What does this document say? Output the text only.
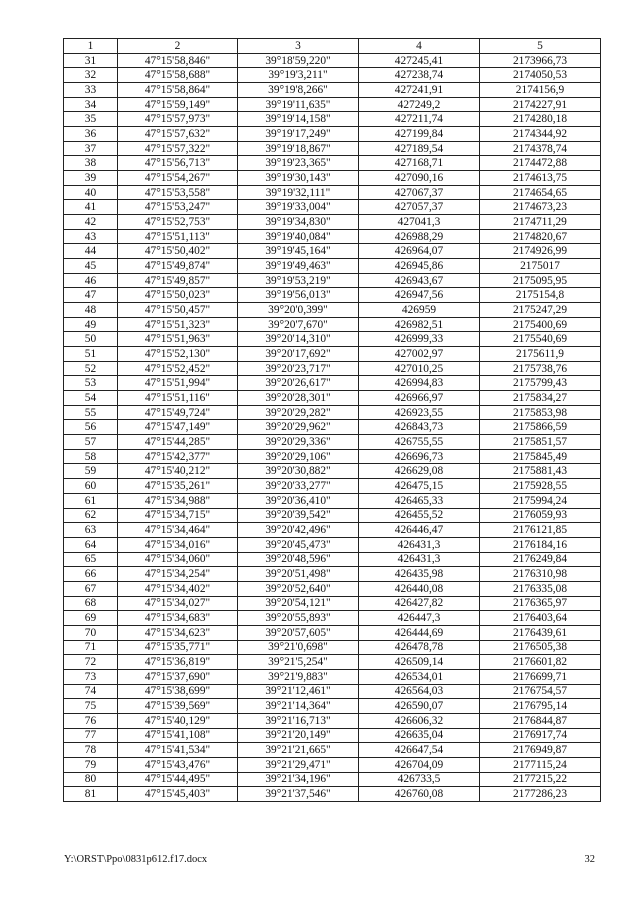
1	2	3	4	5
31	47°15'58,846"	39°18'59,220"	427245,41	2173966,73
32	47°15'58,688"	39°19'3,211"	427238,74	2174050,53
33	47°15'58,864"	39°19'8,266"	427241,91	2174156,9
34	47°15'59,149"	39°19'11,635"	427249,2	2174227,91
35	47°15'57,973"	39°19'14,158"	427211,74	2174280,18
36	47°15'57,632"	39°19'17,249"	427199,84	2174344,92
37	47°15'57,322"	39°19'18,867"	427189,54	2174378,74
38	47°15'56,713"	39°19'23,365"	427168,71	2174472,88
39	47°15'54,267"	39°19'30,143"	427090,16	2174613,75
40	47°15'53,558"	39°19'32,111"	427067,37	2174654,65
41	47°15'53,247"	39°19'33,004"	427057,37	2174673,23
42	47°15'52,753"	39°19'34,830"	427041,3	2174711,29
43	47°15'51,113"	39°19'40,084"	426988,29	2174820,67
44	47°15'50,402"	39°19'45,164"	426964,07	2174926,99
45	47°15'49,874"	39°19'49,463"	426945,86	2175017
46	47°15'49,857"	39°19'53,219"	426943,67	2175095,95
47	47°15'50,023"	39°19'56,013"	426947,56	2175154,8
48	47°15'50,457"	39°20'0,399"	426959	2175247,29
49	47°15'51,323"	39°20'7,670"	426982,51	2175400,69
50	47°15'51,963"	39°20'14,310"	426999,33	2175540,69
51	47°15'52,130"	39°20'17,692"	427002,97	2175611,9
52	47°15'52,452"	39°20'23,717"	427010,25	2175738,76
53	47°15'51,994"	39°20'26,617"	426994,83	2175799,43
54	47°15'51,116"	39°20'28,301"	426966,97	2175834,27
55	47°15'49,724"	39°20'29,282"	426923,55	2175853,98
56	47°15'47,149"	39°20'29,962"	426843,73	2175866,59
57	47°15'44,285"	39°20'29,336"	426755,55	2175851,57
58	47°15'42,377"	39°20'29,106"	426696,73	2175845,49
59	47°15'40,212"	39°20'30,882"	426629,08	2175881,43
60	47°15'35,261"	39°20'33,277"	426475,15	2175928,55
61	47°15'34,988"	39°20'36,410"	426465,33	2175994,24
62	47°15'34,715"	39°20'39,542"	426455,52	2176059,93
63	47°15'34,464"	39°20'42,496"	426446,47	2176121,85
64	47°15'34,016"	39°20'45,473"	426431,3	2176184,16
65	47°15'34,060"	39°20'48,596"	426431,3	2176249,84
66	47°15'34,254"	39°20'51,498"	426435,98	2176310,98
67	47°15'34,402"	39°20'52,640"	426440,08	2176335,08
68	47°15'34,027"	39°20'54,121"	426427,82	2176365,97
69	47°15'34,683"	39°20'55,893"	426447,3	2176403,64
70	47°15'34,623"	39°20'57,605"	426444,69	2176439,61
71	47°15'35,771"	39°21'0,698"	426478,78	2176505,38
72	47°15'36,819"	39°21'5,254"	426509,14	2176601,82
73	47°15'37,690"	39°21'9,883"	426534,01	2176699,71
74	47°15'38,699"	39°21'12,461"	426564,03	2176754,57
75	47°15'39,569"	39°21'14,364"	426590,07	2176795,14
76	47°15'40,129"	39°21'16,713"	426606,32	2176844,87
77	47°15'41,108"	39°21'20,149"	426635,04	2176917,74
78	47°15'41,534"	39°21'21,665"	426647,54	2176949,87
79	47°15'43,476"	39°21'29,471"	426704,09	2177115,24
80	47°15'44,495"	39°21'34,196"	426733,5	2177215,22
81	47°15'45,403"	39°21'37,546"	426760,08	2177286,23
Y:\ORST\Ppo\0831p612.f17.docx	32
